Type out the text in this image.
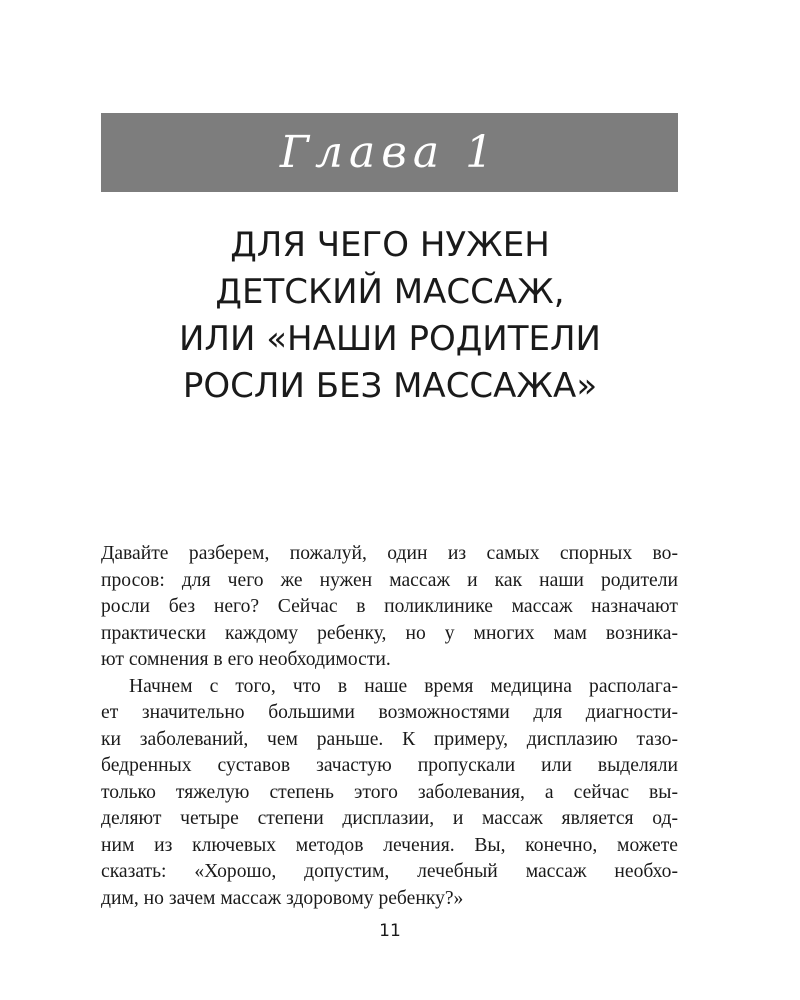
Глава 1
ДЛЯ ЧЕГО НУЖЕН
ДЕТСКИЙ МАССАЖ,
ИЛИ «НАШИ РОДИТЕЛИ
РОСЛИ БЕЗ МАССАЖА»
Давайте разберем, пожалуй, один из самых спорных во-
просов: для чего же нужен массаж и как наши родители
росли без него? Сейчас в поликлинике массаж назначают
практически каждому ребенку, но у многих мам возника-
ют сомнения в его необходимости.
Начнем с того, что в наше время медицина располага-
ет значительно большими возможностями для диагности-
ки заболеваний, чем раньше. К примеру, дисплазию тазо-
бедренных суставов зачастую пропускали или выделяли
только тяжелую степень этого заболевания, а сейчас вы-
деляют четыре степени дисплазии, и массаж является од-
ним из ключевых методов лечения. Вы, конечно, можете
сказать: «Хорошо, допустим, лечебный массаж необхо-
дим, но зачем массаж здоровому ребенку?»
11
